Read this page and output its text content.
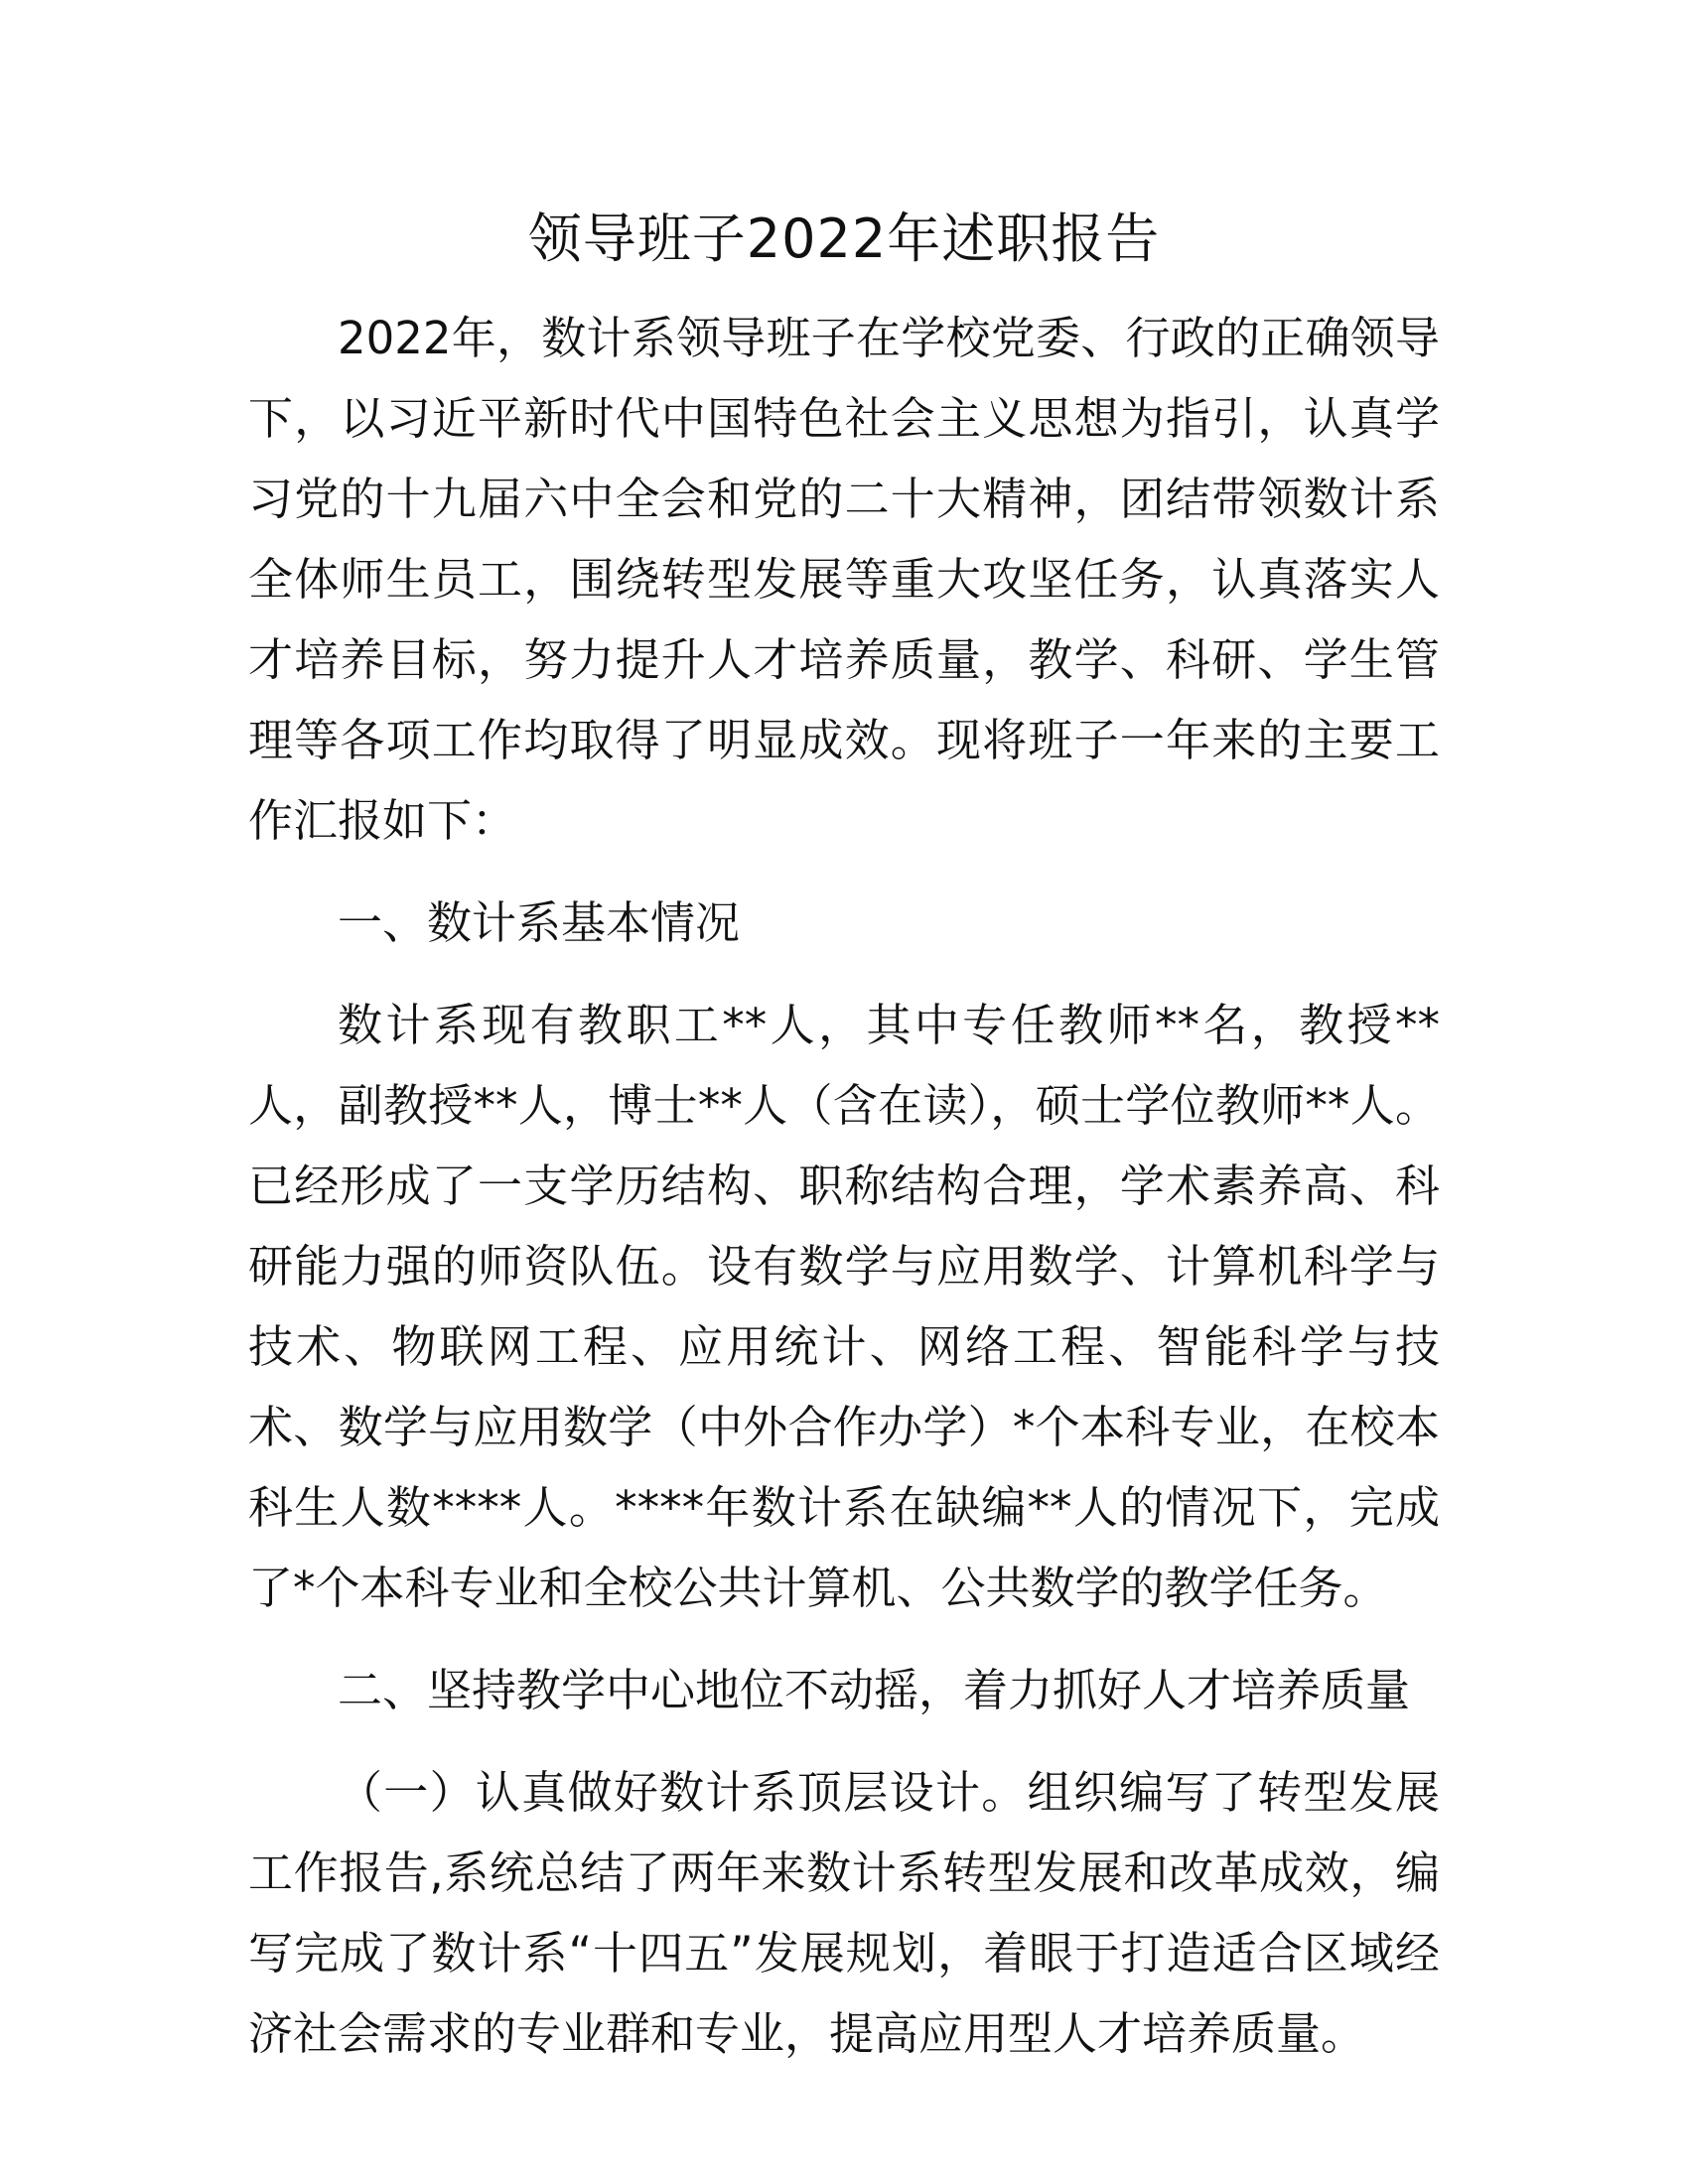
领导班子2022年述职报告

2022年，数计系领导班子在学校党委、行政的正确领导下，以习近平新时代中国特色社会主义思想为指引，认真学习党的十九届六中全会和党的二十大精神，团结带领数计系全体师生员工，围绕转型发展等重大攻坚任务，认真落实人才培养目标，努力提升人才培养质量，教学、科研、学生管理等各项工作均取得了明显成效。现将班子一年来的主要工作汇报如下：

一、数计系基本情况

数计系现有教职工**人，其中专任教师**名，教授**人，副教授**人，博士**人（含在读），硕士学位教师**人。已经形成了一支学历结构、职称结构合理，学术素养高、科研能力强的师资队伍。设有数学与应用数学、计算机科学与技术、物联网工程、应用统计、网络工程、智能科学与技术、数学与应用数学（中外合作办学）*个本科专业，在校本科生人数****人。****年数计系在缺编**人的情况下，完成了*个本科专业和全校公共计算机、公共数学的教学任务。

二、坚持教学中心地位不动摇，着力抓好人才培养质量

（一）认真做好数计系顶层设计。组织编写了转型发展工作报告,系统总结了两年来数计系转型发展和改革成效，编写完成了数计系“十四五”发展规划，着眼于打造适合区域经济社会需求的专业群和专业，提高应用型人才培养质量。
